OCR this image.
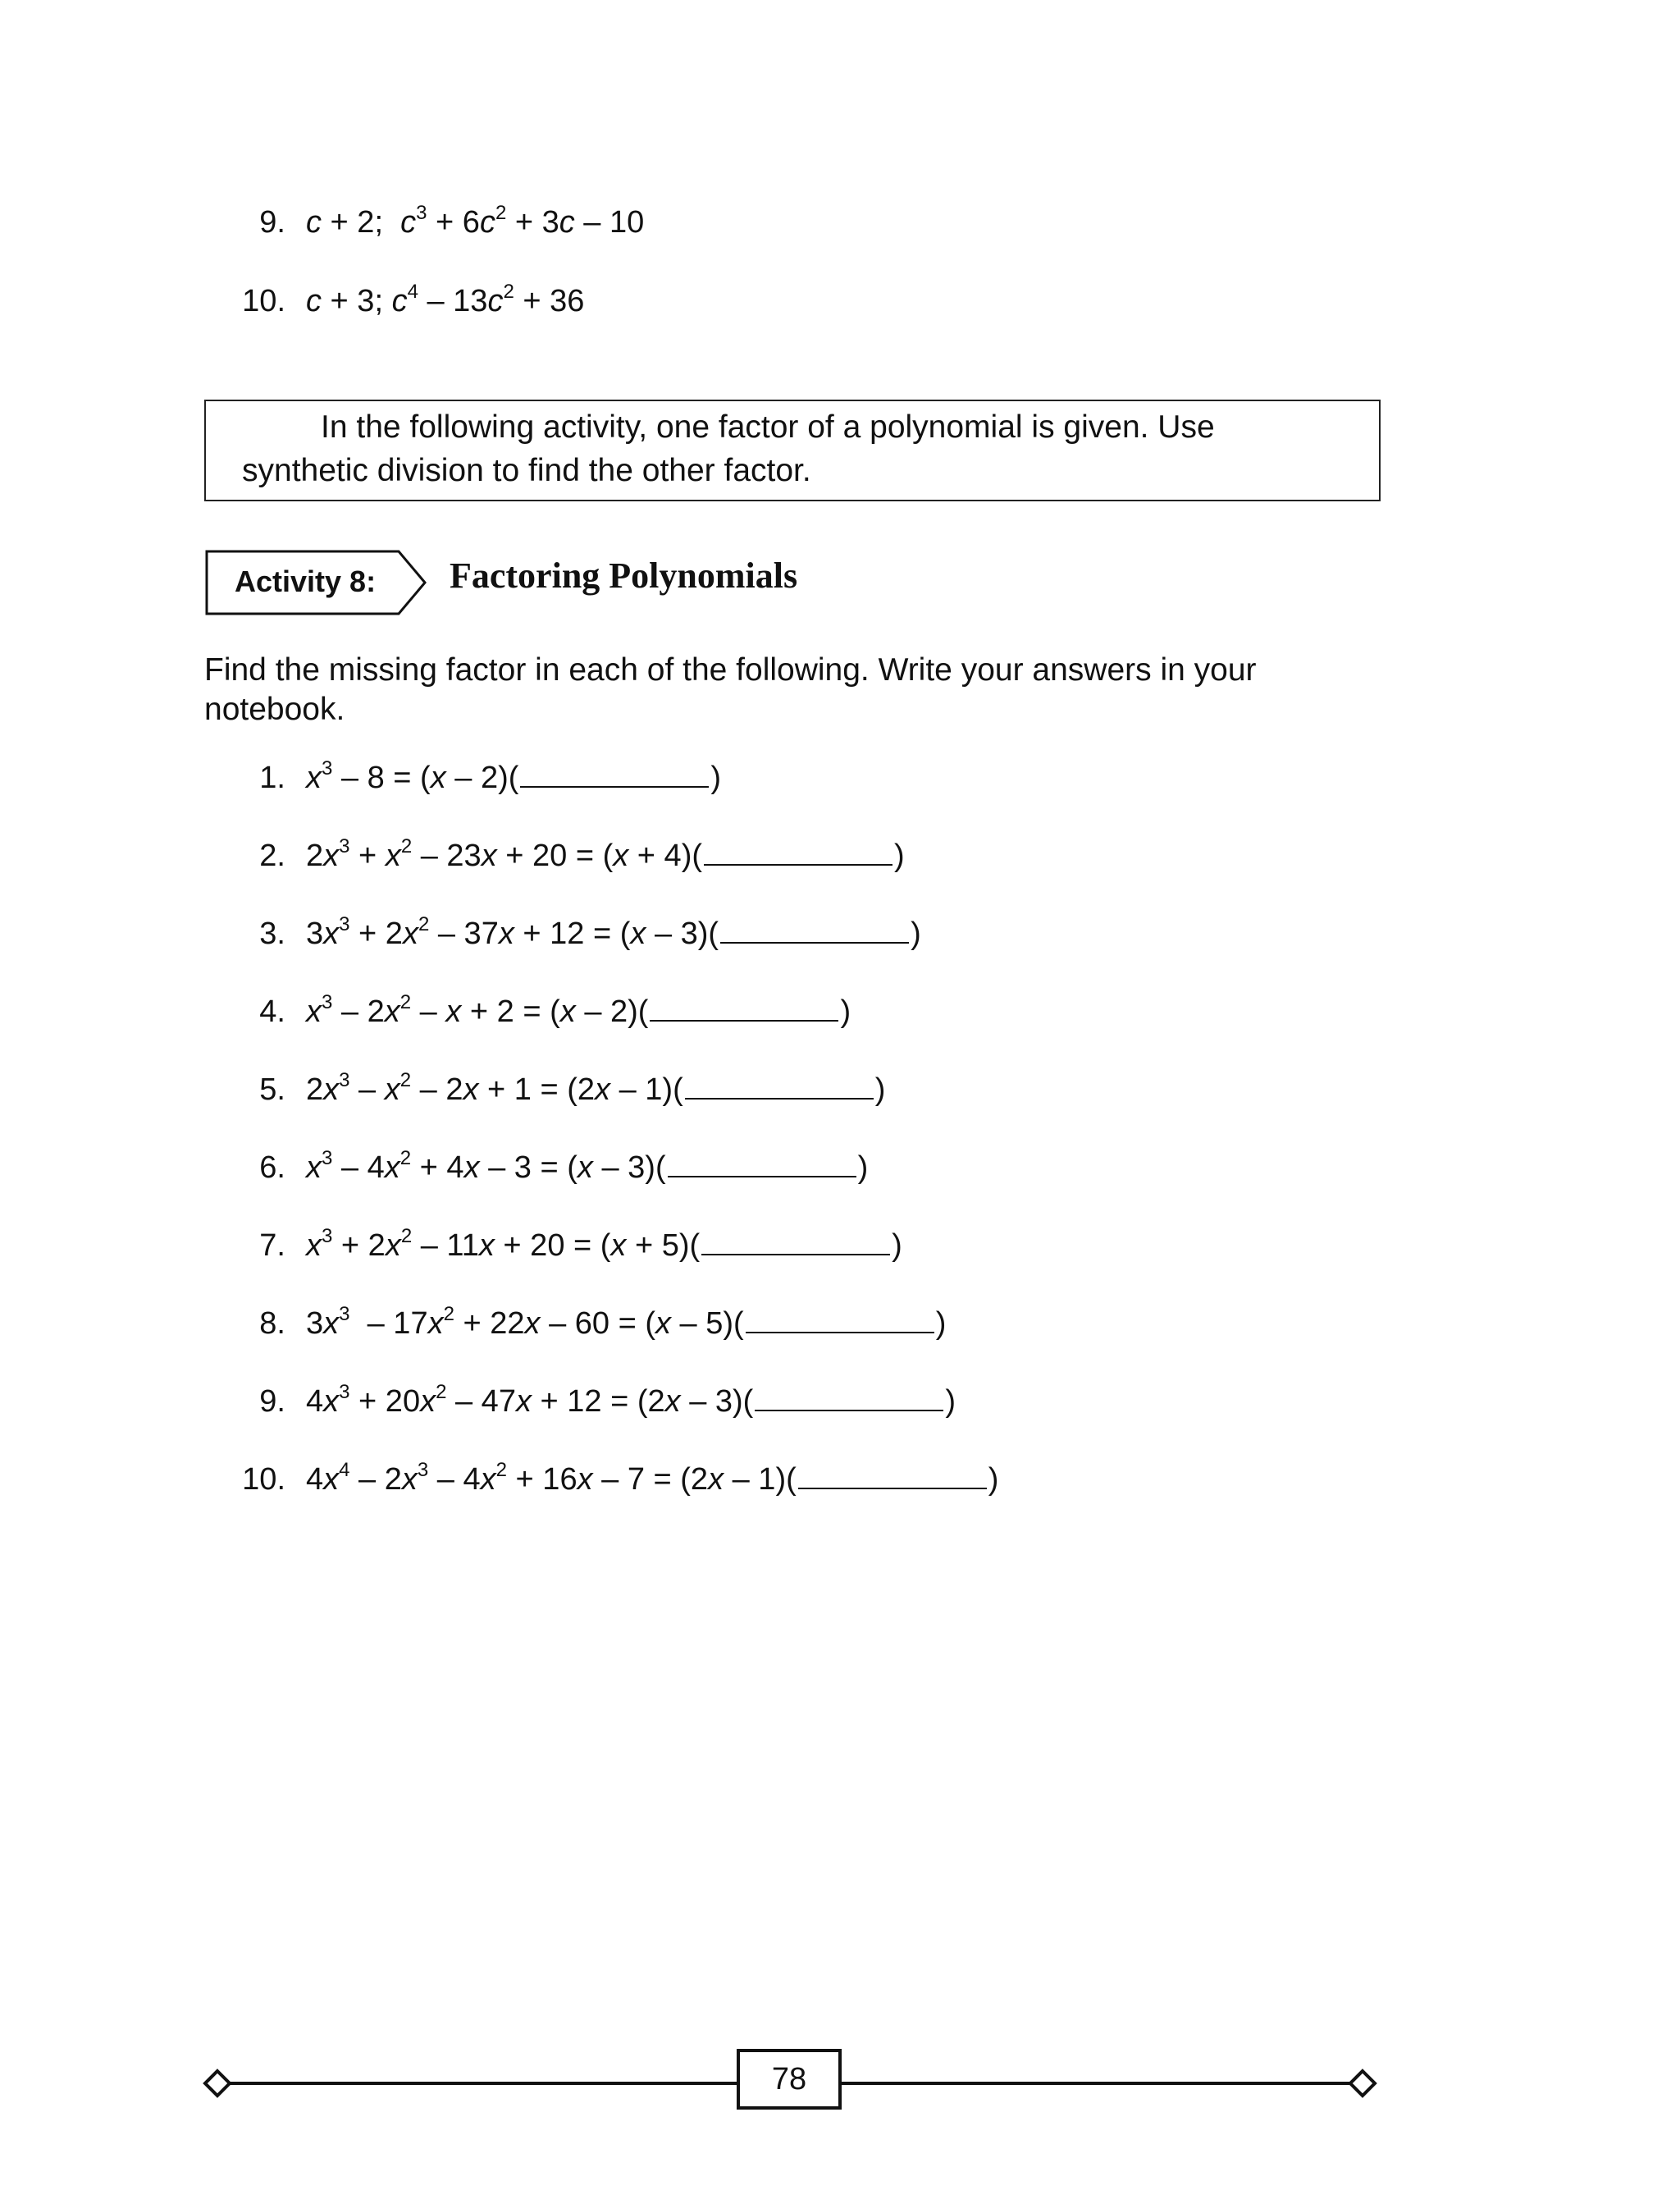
9. c + 2;  $c^3 + 6c^2 + 3c - 10$
10. c + 3; $c^4 - 13c^2 + 36$
In the following activity, one factor of a polynomial is given. Use
synthetic division to find the other factor.
Activity 8: Factoring Polynomials
Find the missing factor in each of the following. Write your answers in your notebook.
1. $x^3 - 8 = (x - 2)$(	)
2. $2x^3 + x^2 - 23x + 20 = (x + 4)$(	)
3. $3x^3 + 2x^2 - 37x + 12 = (x - 3)$(	)
4. $x^3 - 2x^2 - x + 2 = (x - 2)$(	)
5. $2x^3 - x^2 - 2x + 1 = (2x - 1)$(	)
6. $x^3 - 4x^2 + 4x - 3 = (x - 3)$(	)
7. $x^3 + 2x^2 - 11x + 20 = (x + 5)$(	)
8. $3x^3 - 17x^2 + 22x - 60 = (x - 5)$(	)
9. $4x^3 + 20x^2 - 47x + 12 = (2x - 3)$(	)
10. $4x^4 - 2x^3 - 4x^2 + 16x - 7 = (2x - 1)$(	)
78
